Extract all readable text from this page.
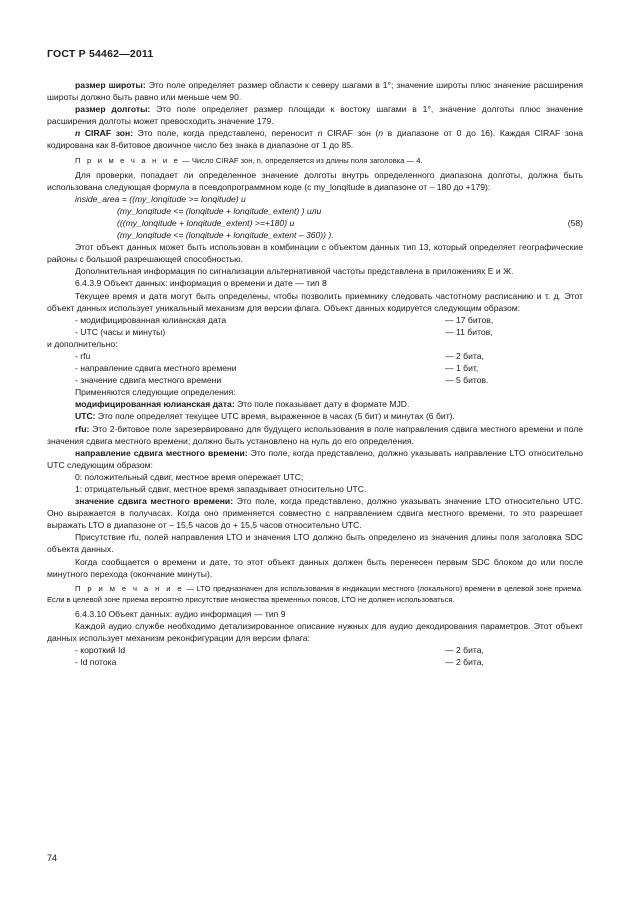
ГОСТ Р 54462—2011

размер широты: Это поле определяет размер области к северу шагами в 1°; значение широты плюс значение расширения широты должно быть равно или меньше чем 90.

размер долготы: Это поле определяет размер площади к востоку шагами в 1°, значение долготы плюс значение расширения долготы может превосходить значение 179.

n CIRAF зон: Это поле, когда представлено, переносит n CIRAF зон (n в диапазоне от 0 до 16). Каждая CIRAF зона кодирована как 8-битовое двоичное число без знака в диапазоне от 1 до 85.

П р и м е ч а н и е — Число CIRAF зон, n, определяется из длины поля заголовка — 4.

Для проверки, попадает ли определенное значение долготы внутрь определенного диапазона долготы, должна быть использована следующая формула в псевдопрограммном коде (с my_lonqitude в диапазоне от – 180 до +179):

inside_area = ((my_lonqitude >= lonqitude) и
(my_lonqitude <= (lonqitude + lonqitude_extent) ) или
(((my_lonqitude + lonqitude_extent) >=+180) и
(my_lonqitude <= (lonqitude + lonqitude_extent – 360)) ).
(58)

Этот объект данных может быть использован в комбинации с объектом данных тип 13, который определяет географические районы с большой разрешающей способностью.

Дополнительная информация по сигнализации альтернативной частоты представлена в приложениях Е и Ж.

6.4.3.9 Объект данных: информация о времени и дате — тип 8

Текущее время и дата могут быть определены, чтобы позволить приемнику следовать частотному расписанию и т. д. Этот объект данных использует уникальный механизм для версии флага. Объект данных кодируется следующим образом:

- модифицированная юлианская дата	— 17 битов,
- UTC (часы и минуты)	— 11 битов,

и дополнительно:

- rfu	— 2 бита,
- направление сдвига местного времени	— 1 бит,
- значение сдвига местного времени	— 5 битов.

Применяются следующие определения:

модифицированная юлианская дата: Это поле показывает дату в формате MJD.

UTC: Это поле определяет текущее UTC время, выраженное в часах (5 бит) и минутах (6 бит).

rfu: Это 2-битовое поле зарезервировано для будущего использования в поле направления сдвига местного времени и поле значения сдвига местного времени; должно быть установлено на нуль до его определения.

направление сдвига местного времени: Это поле, когда представлено, должно указывать направление LTO относительно UTC следующим образом:

0: положительный сдвиг, местное время опережает UTC;

1: отрицательный сдвиг, местное время запаздывает относительно UTC.

значение сдвига местного времени: Это поле, когда представлено, должно указывать значение LTO относительно UTC. Оно выражается в получасах. Когда оно применяется совместно с направлением сдвига местного времени, то это разрешает выражать LTO в диапазоне от – 15,5 часов до + 15,5 часов относительно UTC.

Присутствие rfu, полей направления LTO и значения LTO должно быть определено из значения длины поля заголовка SDC объекта данных.

Когда сообщается о времени и дате, то этот объект данных должен быть перенесен первым SDC блоком до или после минутного перехода (окончание минуты).

П р и м е ч а н и е — LTO предназначен для использования в индикации местного (локального) времени в целевой зоне приема. Если в целевой зоне приема вероятно присутствие множества временных поясов, LTO не должен использоваться.

6.4.3.10 Объект данных: аудио информация — тип 9

Каждой аудио службе необходимо детализированное описание нужных для аудио декодирования параметров. Этот объект данных использует механизм реконфигурации для версии флага:

- короткий Id	— 2 бита,
- Id потока	— 2 бита,
74
